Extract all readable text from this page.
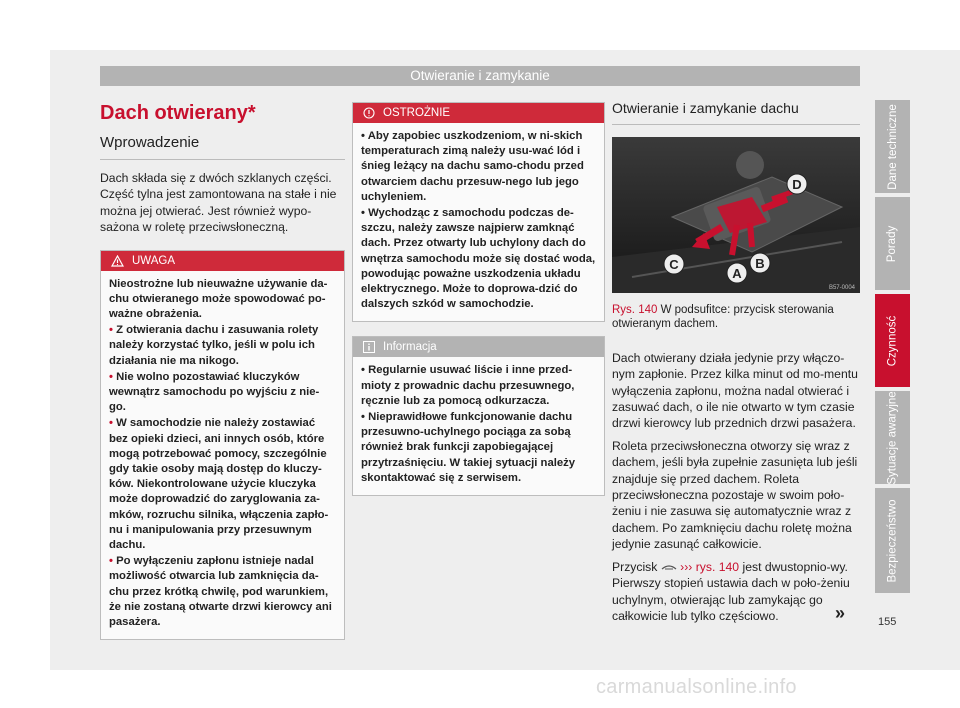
Otwieranie i zamykanie
Dach otwierany*
Wprowadzenie
Dach składa się z dwóch szklanych części. Część tylna jest zamontowana na stałe i nie można jej otwierać. Jest również wypo-sażona w roletę przeciwsłoneczną.
UWAGA
Nieostrożne lub nieuważne używanie da-chu otwieranego może spowodować po-ważne obrażenia.
• Z otwierania dachu i zasuwania rolety należy korzystać tylko, jeśli w polu ich działania nie ma nikogo.
• Nie wolno pozostawiać kluczyków wewnątrz samochodu po wyjściu z nie-go.
• W samochodzie nie należy zostawiać bez opieki dzieci, ani innych osób, które mogą potrzebować pomocy, szczególnie gdy takie osoby mają dostęp do kluczy-ków. Niekontrolowane użycie kluczyka może doprowadzić do zaryglowania za-mków, rozruchu silnika, włączenia zapło-nu i manipulowania przy przesuwnym dachu.
• Po wyłączeniu zapłonu istnieje nadal możliwość otwarcia lub zamknięcia da-chu przez krótką chwilę, pod warunkiem, że nie zostaną otwarte drzwi kierowcy ani pasażera.
OSTROŻNIE
• Aby zapobiec uszkodzeniom, w ni-skich temperaturach zimą należy usu-wać lód i śnieg leżący na dachu samo-chodu przed otwarciem dachu przesuw-nego lub jego uchyleniem.
• Wychodząc z samochodu podczas de-szczu, należy zawsze najpierw zamknąć dach. Przez otwarty lub uchylony dach do wnętrza samochodu może się dostać woda, powodując poważne uszkodzenia układu elektrycznego. Może to doprowa-dzić do dalszych szkód w samochodzie.
Informacja
• Regularnie usuwać liście i inne przed-mioty z prowadnic dachu przesuwnego, ręcznie lub za pomocą odkurzacza.
• Nieprawidłowe funkcjonowanie dachu przesuwno-uchylnego pociąga za sobą również brak funkcji zapobiegającej przytrzaśnięciu. W takiej sytuacji należy skontaktować się z serwisem.
Otwieranie i zamykanie dachu
D
C
A
B
B57-0004
Rys. 140 W podsufitce: przycisk sterowania otwieranym dachem.
Dach otwierany działa jedynie przy włączo-nym zapłonie. Przez kilka minut od mo-mentu wyłączenia zapłonu, można nadal otwierać i zasuwać dach, o ile nie otwarto w tym czasie drzwi kierowcy lub przednich drzwi pasażera.
Roleta przeciwsłoneczna otworzy się wraz z dachem, jeśli była zupełnie zasunięta lub jeśli znajduje się przed dachem. Roleta przeciwsłoneczna pozostaje w swoim poło-żeniu i nie zasuwa się automatycznie wraz z dachem. Po zamknięciu dachu roletę można jedynie zasunąć całkowicie.
Przycisk ››› rys. 140 jest dwustopnio-wy. Pierwszy stopień ustawia dach w poło-żeniu uchylnym, otwierając lub zamykając go całkowicie lub tylko częściowo.	»
Dane techniczne
Porady
Czynność
Sytuacje awaryjne
Bezpieczeństwo
155
carmanualsonline.info
